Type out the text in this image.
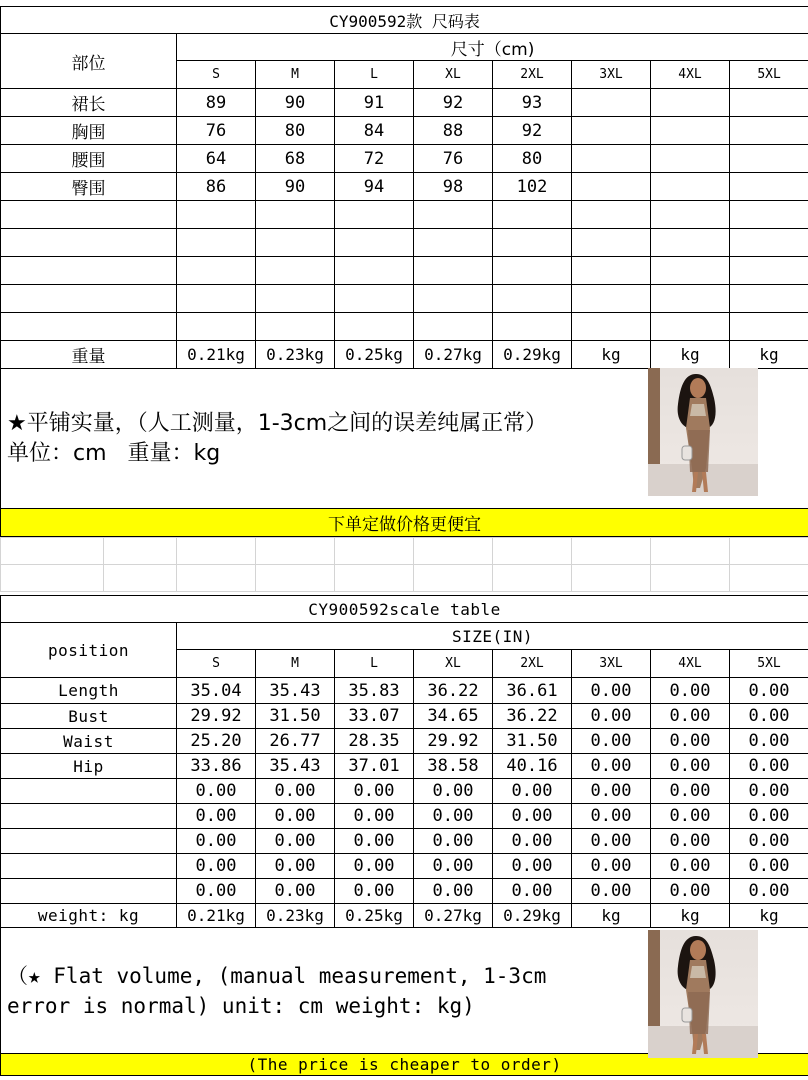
CY900592款 尺码表								
部位	尺寸（cm)							
	S	M	L	XL	2XL	3XL	4XL	5XL
裙长	89	90	91	92	93			
胸围	76	80	84	88	92			
腰围	64	68	72	76	80			
臀围	86	90	94	98	102			

重量	0.21kg	0.23kg	0.25kg	0.27kg	0.29kg	kg	kg	kg

★平铺实量，（人工测量，1-3cm之间的误差纯属正常）
单位：cm   重量：kg								

下单定做价格更便宜								

CY900592scale table								
position	SIZE(IN)							
	S	M	L	XL	2XL	3XL	4XL	5XL
Length	35.04	35.43	35.83	36.22	36.61	0.00	0.00	0.00
Bust	29.92	31.50	33.07	34.65	36.22	0.00	0.00	0.00
Waist	25.20	26.77	28.35	29.92	31.50	0.00	0.00	0.00
Hip	33.86	35.43	37.01	38.58	40.16	0.00	0.00	0.00
	0.00	0.00	0.00	0.00	0.00	0.00	0.00	0.00
	0.00	0.00	0.00	0.00	0.00	0.00	0.00	0.00
	0.00	0.00	0.00	0.00	0.00	0.00	0.00	0.00
	0.00	0.00	0.00	0.00	0.00	0.00	0.00	0.00
	0.00	0.00	0.00	0.00	0.00	0.00	0.00	0.00
weight: kg	0.21kg	0.23kg	0.25kg	0.27kg	0.29kg	kg	kg	kg

（★ Flat volume, (manual measurement, 1-3cm error is normal) unit: cm weight: kg)								

(The price is cheaper to order)								
